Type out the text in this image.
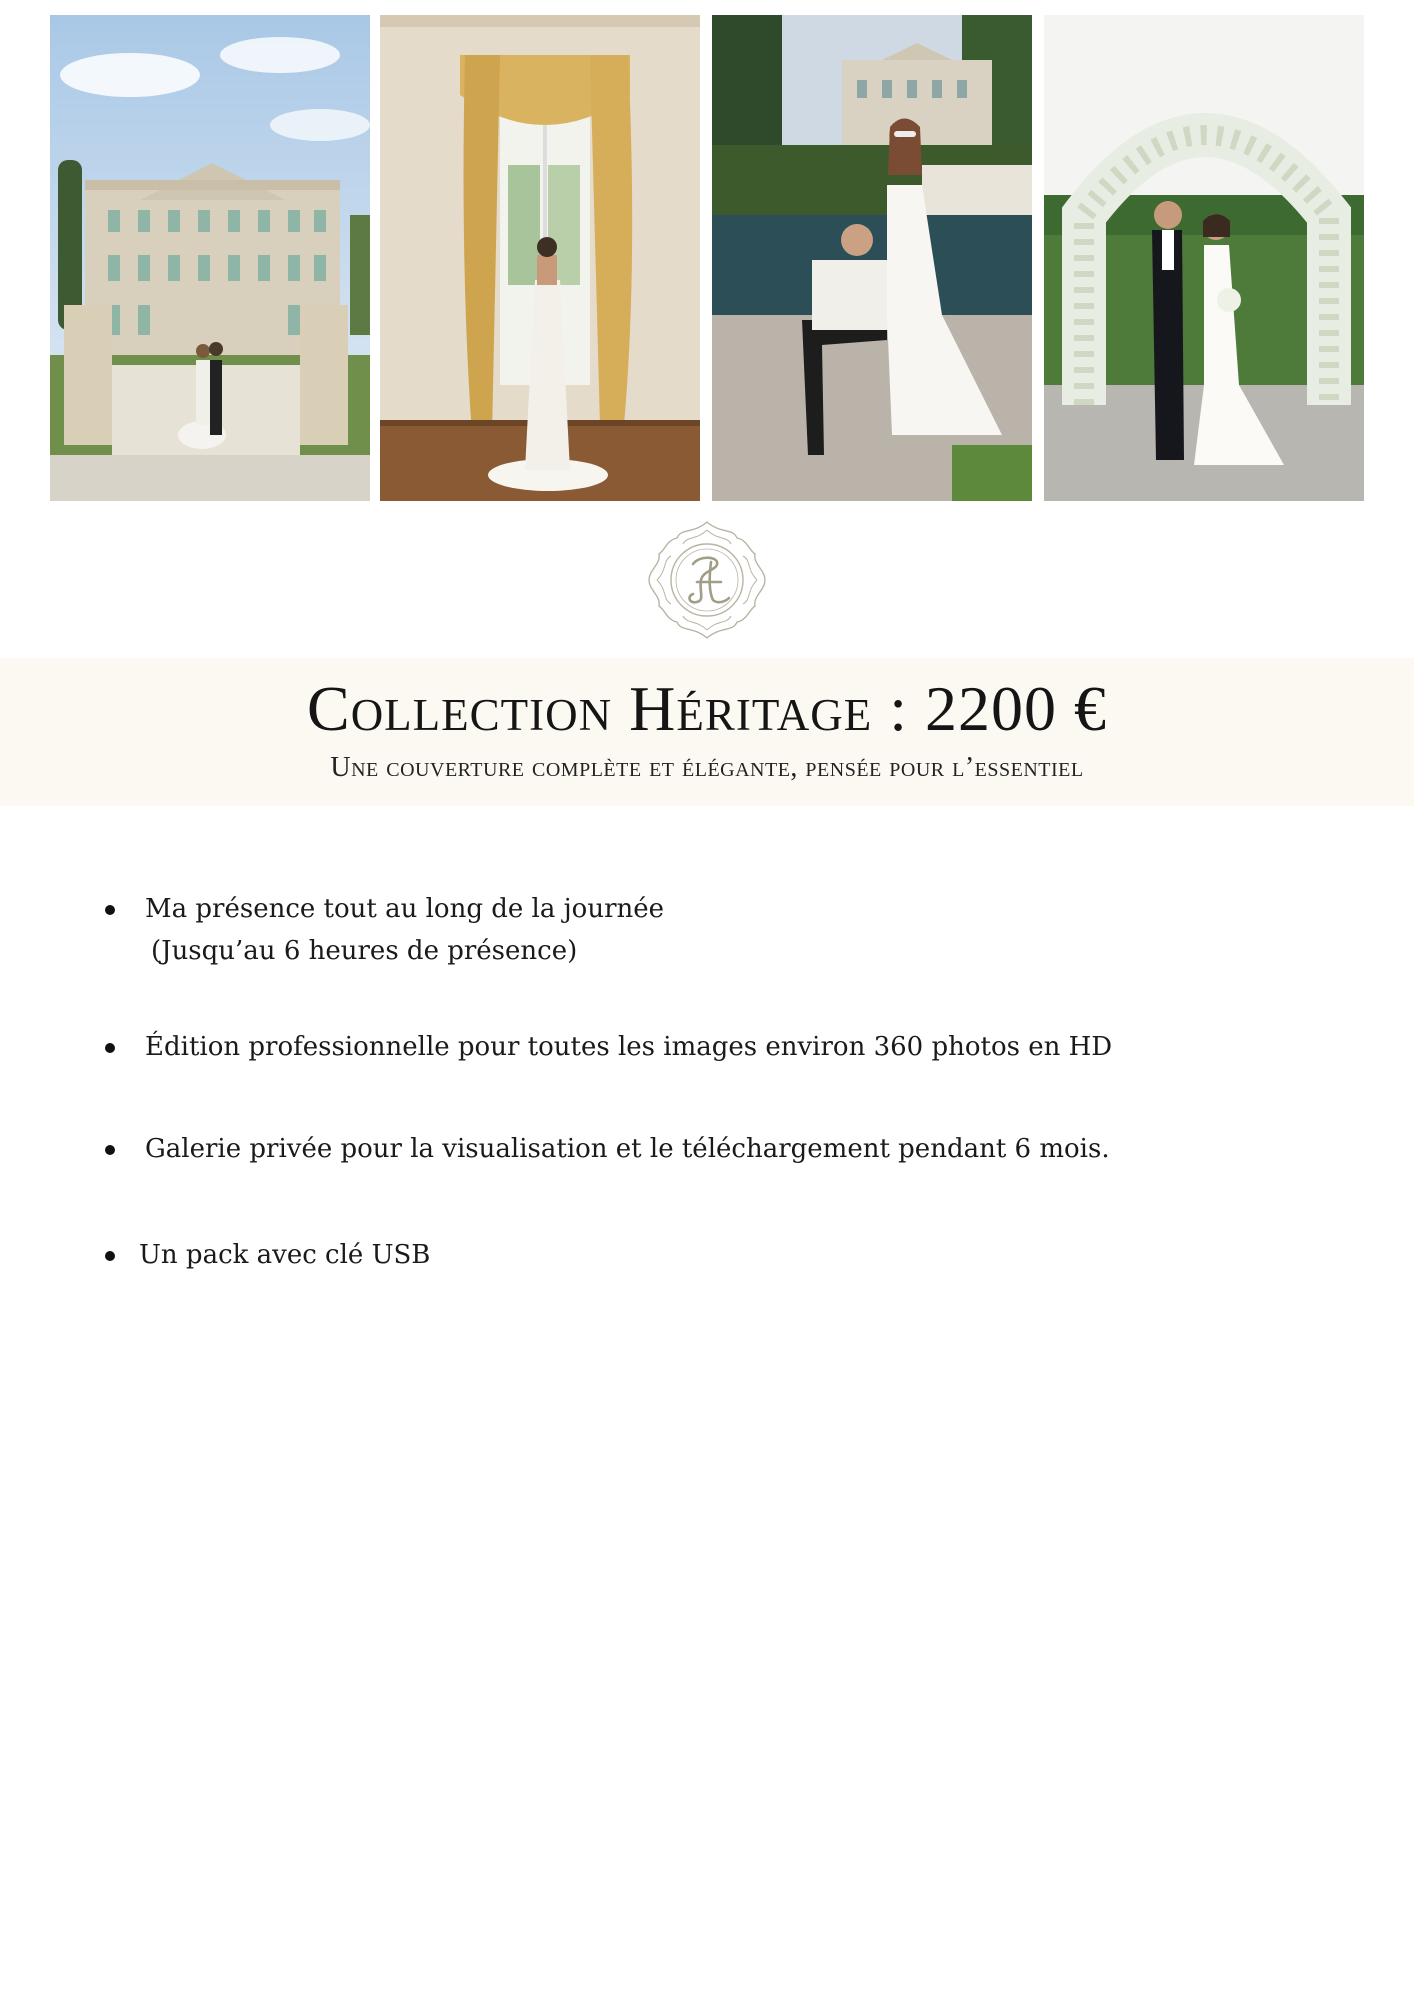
Collection Héritage : 2200 €

Une couverture complète et élégante, pensée pour l’essentiel

Ma présence tout au long de la journée
(Jusqu’au 6 heures de présence)
Édition professionnelle pour toutes les images environ 360 photos en HD
Galerie privée pour la visualisation et le téléchargement pendant 6 mois.
Un pack avec clé USB
